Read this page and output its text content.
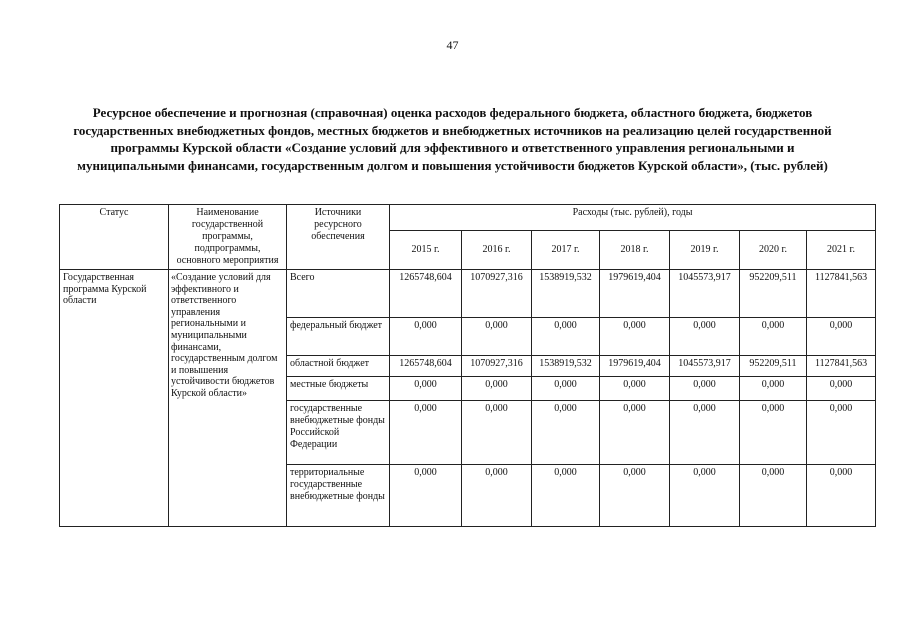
47
Ресурсное обеспечение и прогнозная (справочная) оценка расходов федерального бюджета, областного бюджета, бюджетов государственных внебюджетных фондов, местных бюджетов и внебюджетных источников на реализацию целей государственной программы Курской области «Создание условий для эффективного и ответственного управления региональными и муниципальными финансами, государственным долгом и повышения устойчивости бюджетов Курской области», (тыс. рублей)
Статус	Наименование государственной программы, подпрограммы, основного мероприятия	Источники ресурсного обеспечения	Расходы (тыс. рублей), годы						
			2015 г.	2016 г.	2017 г.	2018 г.	2019 г.	2020 г.	2021 г.
Государственная программа Курской области	«Создание условий для эффективного и ответственного управления региональными и муниципальными финансами, государственным долгом и повышения устойчивости бюджетов Курской области»	Всего	1265748,604	1070927,316	1538919,532	1979619,404	1045573,917	952209,511	1127841,563
		федеральный бюджет	0,000	0,000	0,000	0,000	0,000	0,000	0,000
		областной бюджет	1265748,604	1070927,316	1538919,532	1979619,404	1045573,917	952209,511	1127841,563
		местные бюджеты	0,000	0,000	0,000	0,000	0,000	0,000	0,000
		государственные внебюджетные фонды Российской Федерации	0,000	0,000	0,000	0,000	0,000	0,000	0,000
		территориальные государственные внебюджетные фонды	0,000	0,000	0,000	0,000	0,000	0,000	0,000
